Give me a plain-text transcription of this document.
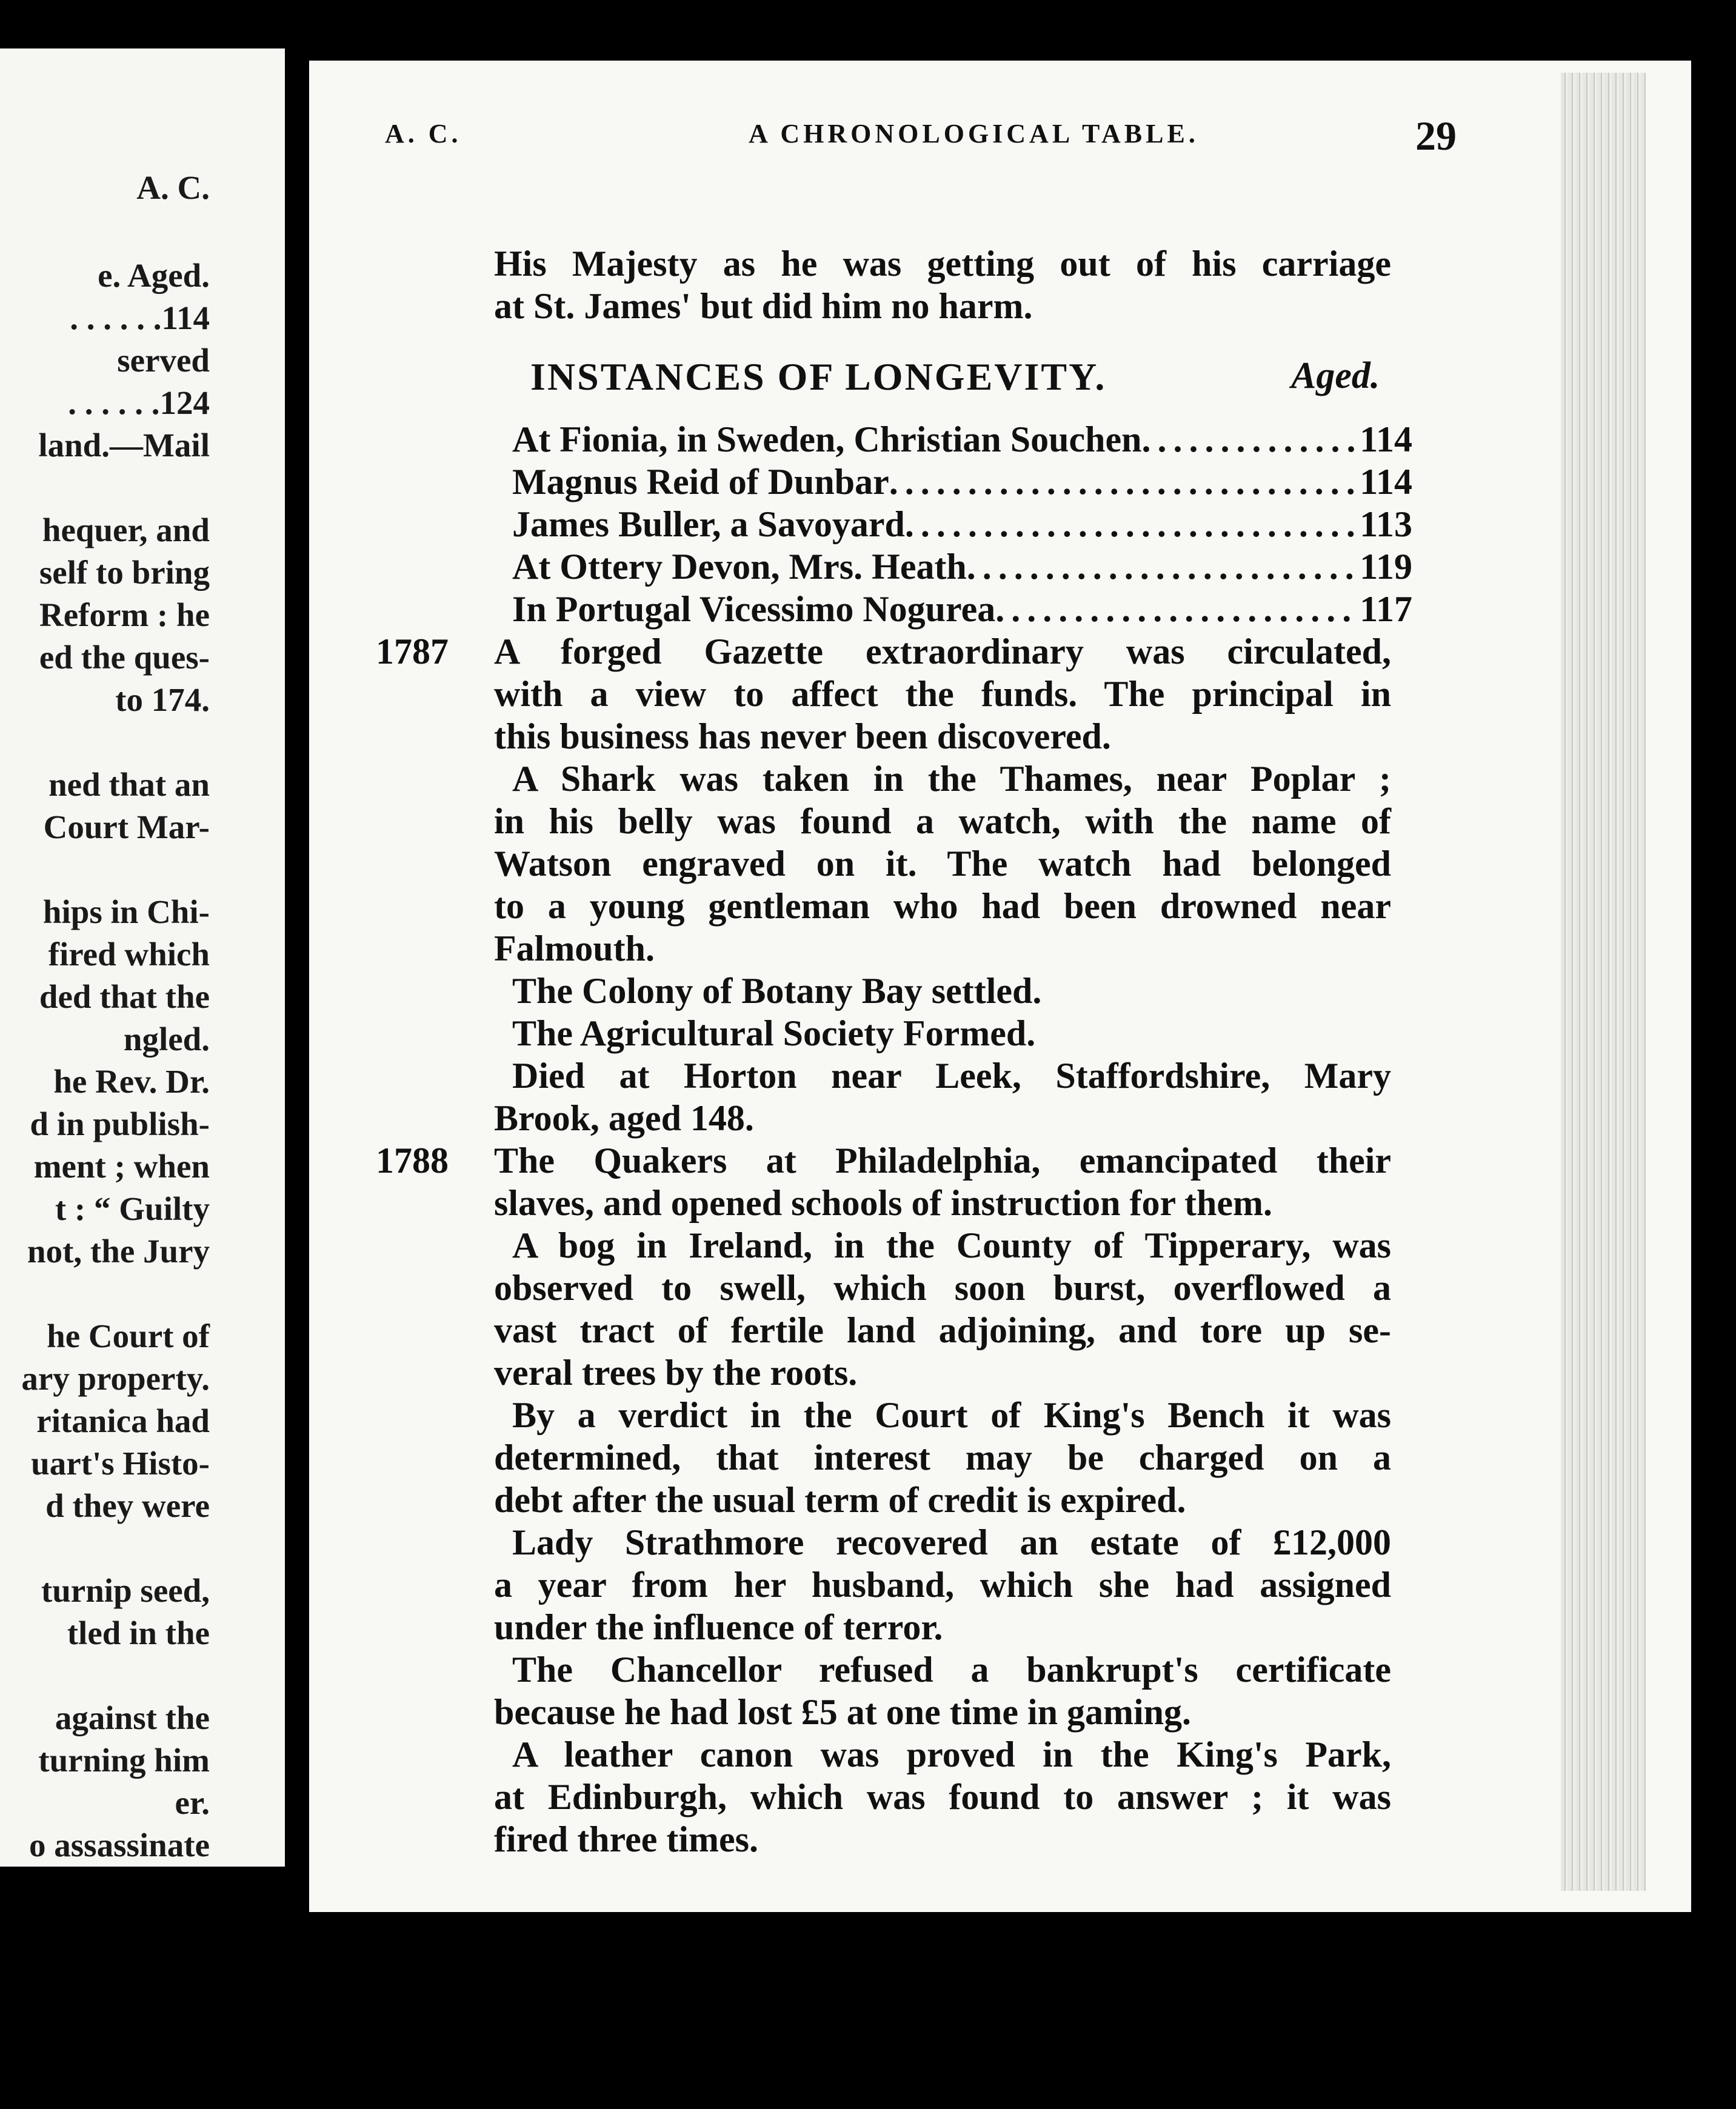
A. C.
e. Aged.
. . . . . .114
served
. . . . . .124
land.—Mail
hequer, and
self to bring
Reform : he
ed the ques-
to 174.
ned that an
Court Mar-
hips in Chi-
fired which
ded that the
ngled.
he Rev. Dr.
d in publish-
ment ; when
t : “ Guilty
not, the Jury
he Court of
ary property.
ritanica had
uart's Histo-
d they were
turnip seed,
tled in the
against the
turning him
er.
o assassinate
A. C.	A CHRONOLOGICAL TABLE.	29
His Majesty as he was getting out of his carriage
at St. James' but did him no harm.
INSTANCES OF LONGEVITY.	Aged.
At Fionia, in Sweden, Christian Souchen . . .	114
Magnus Reid of Dunbar . . .	114
James Buller, a Savoyard . . .	113
At Ottery Devon, Mrs. Heath . . .	119
In Portugal Vicessimo Nogurea . . .	117
1787	A forged Gazette extraordinary was circulated,
with a view to affect the funds. The principal in
this business has never been discovered.
A Shark was taken in the Thames, near Poplar ;
in his belly was found a watch, with the name of
Watson engraved on it. The watch had belonged
to a young gentleman who had been drowned near
Falmouth.
The Colony of Botany Bay settled.
The Agricultural Society Formed.
Died at Horton near Leek, Staffordshire, Mary
Brook, aged 148.
1788	The Quakers at Philadelphia, emancipated their
slaves, and opened schools of instruction for them.
A bog in Ireland, in the County of Tipperary, was
observed to swell, which soon burst, overflowed a
vast tract of fertile land adjoining, and tore up se-
veral trees by the roots.
By a verdict in the Court of King's Bench it was
determined, that interest may be charged on a
debt after the usual term of credit is expired.
Lady Strathmore recovered an estate of £12,000
a year from her husband, which she had assigned
under the influence of terror.
The Chancellor refused a bankrupt's certificate
because he had lost £5 at one time in gaming.
A leather canon was proved in the King's Park,
at Edinburgh, which was found to answer ; it was
fired three times.
